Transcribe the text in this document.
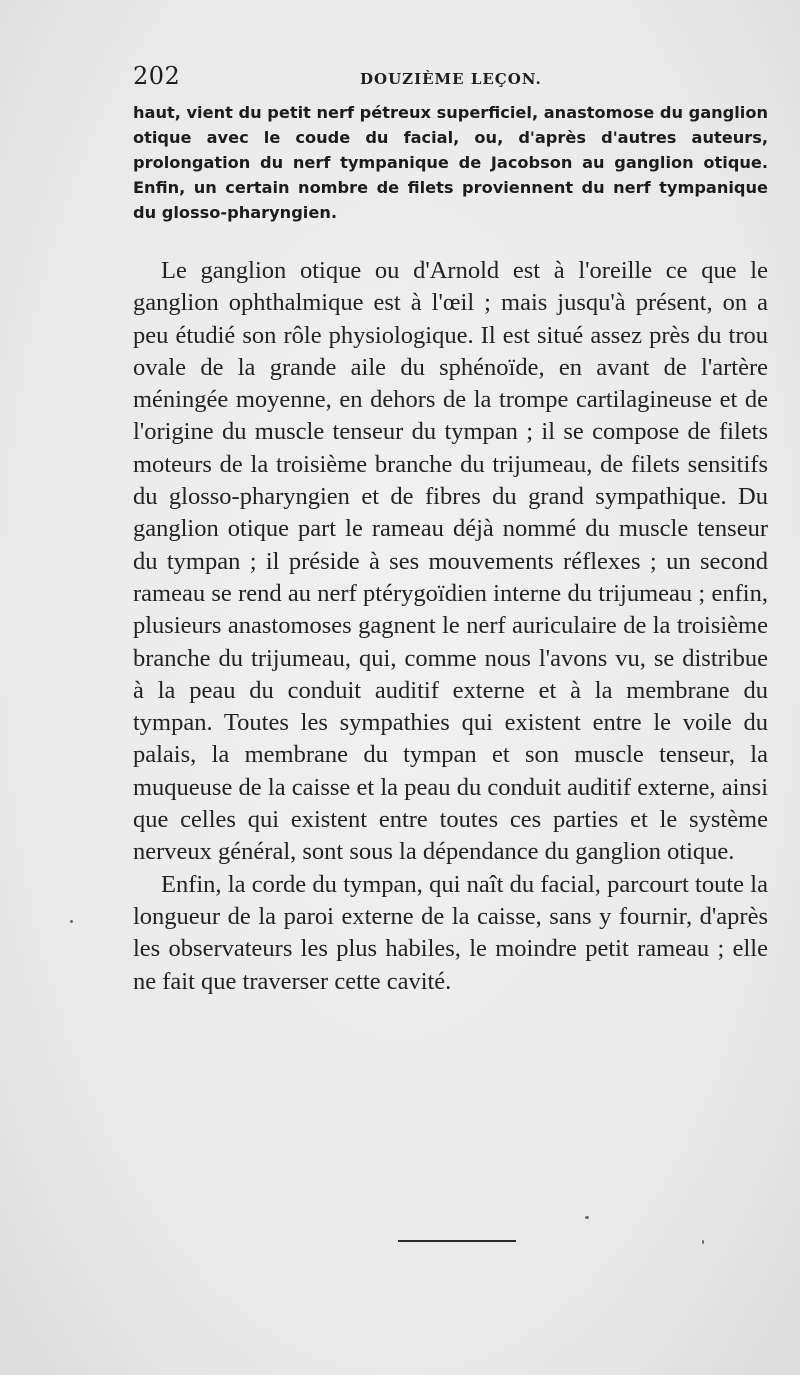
202	DOUZIÈME LEÇON.
haut, vient du petit nerf pétreux superficiel, anastomose du ganglion otique avec le coude du facial, ou, d'après d'autres auteurs, prolongation du nerf tympanique de Jacobson au ganglion otique. Enfin, un certain nombre de filets proviennent du nerf tympanique du glosso-pharyngien.

Le ganglion otique ou d'Arnold est à l'oreille ce que le ganglion ophthalmique est à l'œil ; mais jusqu'à présent, on a peu étudié son rôle physiologique. Il est situé assez près du trou ovale de la grande aile du sphénoïde, en avant de l'artère méningée moyenne, en dehors de la trompe cartilagineuse et de l'origine du muscle tenseur du tympan ; il se compose de filets moteurs de la troisième branche du trijumeau, de filets sensitifs du glosso-pharyngien et de fibres du grand sympathique. Du ganglion otique part le rameau déjà nommé du muscle tenseur du tympan ; il préside à ses mouvements réflexes ; un second rameau se rend au nerf ptérygoïdien interne du trijumeau ; enfin, plusieurs anastomoses gagnent le nerf auriculaire de la troisième branche du trijumeau, qui, comme nous l'avons vu, se distribue à la peau du conduit auditif externe et à la membrane du tympan. Toutes les sympathies qui existent entre le voile du palais, la membrane du tympan et son muscle tenseur, la muqueuse de la caisse et la peau du conduit auditif externe, ainsi que celles qui existent entre toutes ces parties et le système nerveux général, sont sous la dépendance du ganglion otique.

Enfin, la corde du tympan, qui naît du facial, parcourt toute la longueur de la paroi externe de la caisse, sans y fournir, d'après les observateurs les plus habiles, le moindre petit rameau ; elle ne fait que traverser cette cavité.
